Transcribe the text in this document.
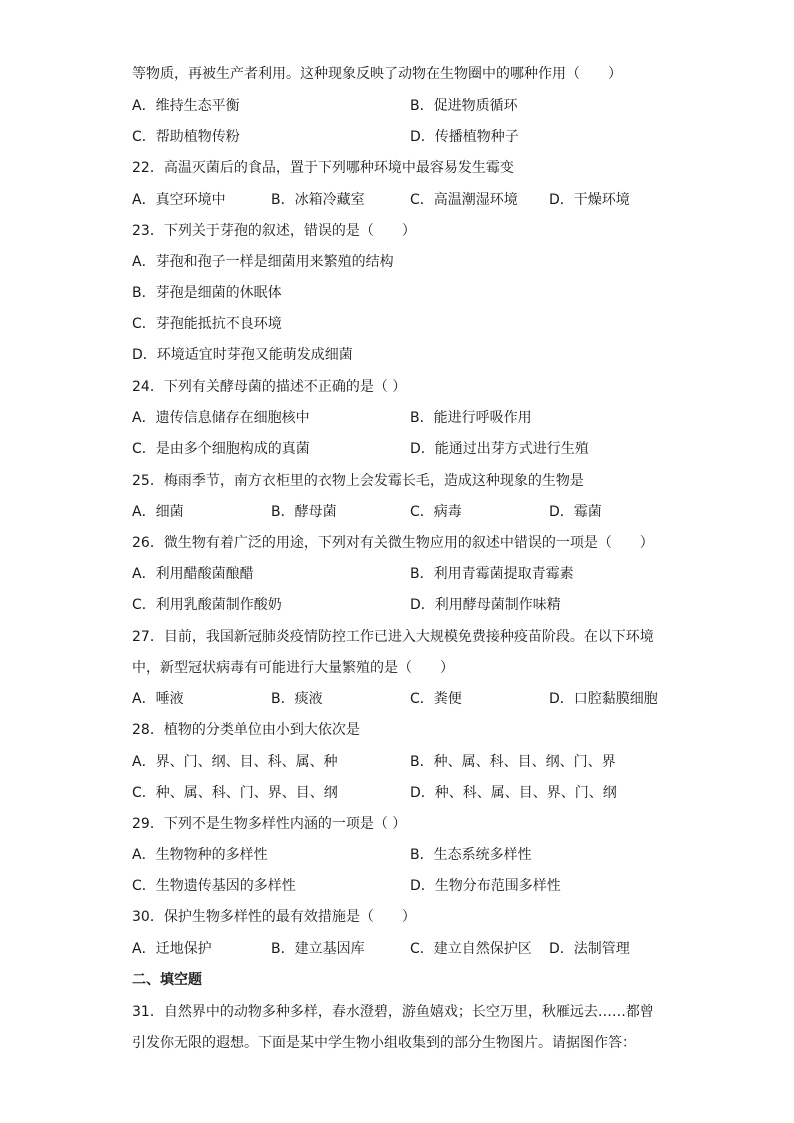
等物质，再被生产者利用。这种现象反映了动物在生物圈中的哪种作用（　　）
A．维持生态平衡	B．促进物质循环
C．帮助植物传粉	D．传播植物种子
22．高温灭菌后的食品，置于下列哪种环境中最容易发生霉变
A．真空环境中	B．冰箱冷藏室	C．高温潮湿环境 D．干燥环境
23．下列关于芽孢的叙述，错误的是（　　）
A．芽孢和孢子一样是细菌用来繁殖的结构
B．芽孢是细菌的休眠体
C．芽孢能抵抗不良环境
D．环境适宜时芽孢又能萌发成细菌
24．下列有关酵母菌的描述不正确的是（ ）
A．遗传信息储存在细胞核中	B．能进行呼吸作用
C．是由多个细胞构成的真菌	D．能通过出芽方式进行生殖
25．梅雨季节，南方衣柜里的衣物上会发霉长毛，造成这种现象的生物是
A．细菌	B．酵母菌	C．病毒	D．霉菌
26．微生物有着广泛的用途，下列对有关微生物应用的叙述中错误的一项是（　　）
A．利用醋酸菌酿醋	B．利用青霉菌提取青霉素
C．利用乳酸菌制作酸奶	D．利用酵母菌制作味精
27．目前，我国新冠肺炎疫情防控工作已进入大规模免费接种疫苗阶段。在以下环境
中，新型冠状病毒有可能进行大量繁殖的是（　　）
A．唾液	B．痰液	C．粪便	D．口腔黏膜细胞
28．植物的分类单位由小到大依次是
A．界、门、纲、目、科、属、种	B．种、属、科、目、纲、门、界
C．种、属、科、门、界、目、纲	D．种、科、属、目、界、门、纲
29．下列不是生物多样性内涵的一项是（ ）
A．生物物种的多样性	B．生态系统多样性
C．生物遗传基因的多样性	D．生物分布范围多样性
30．保护生物多样性的最有效措施是（　　）
A．迁地保护	B．建立基因库	C．建立自然保护区 D．法制管理
二、填空题
31．自然界中的动物多种多样，春水澄碧，游鱼嬉戏；长空万里，秋雁远去……都曾
引发你无限的遐想。下面是某中学生物小组收集到的部分生物图片。请据图作答：
